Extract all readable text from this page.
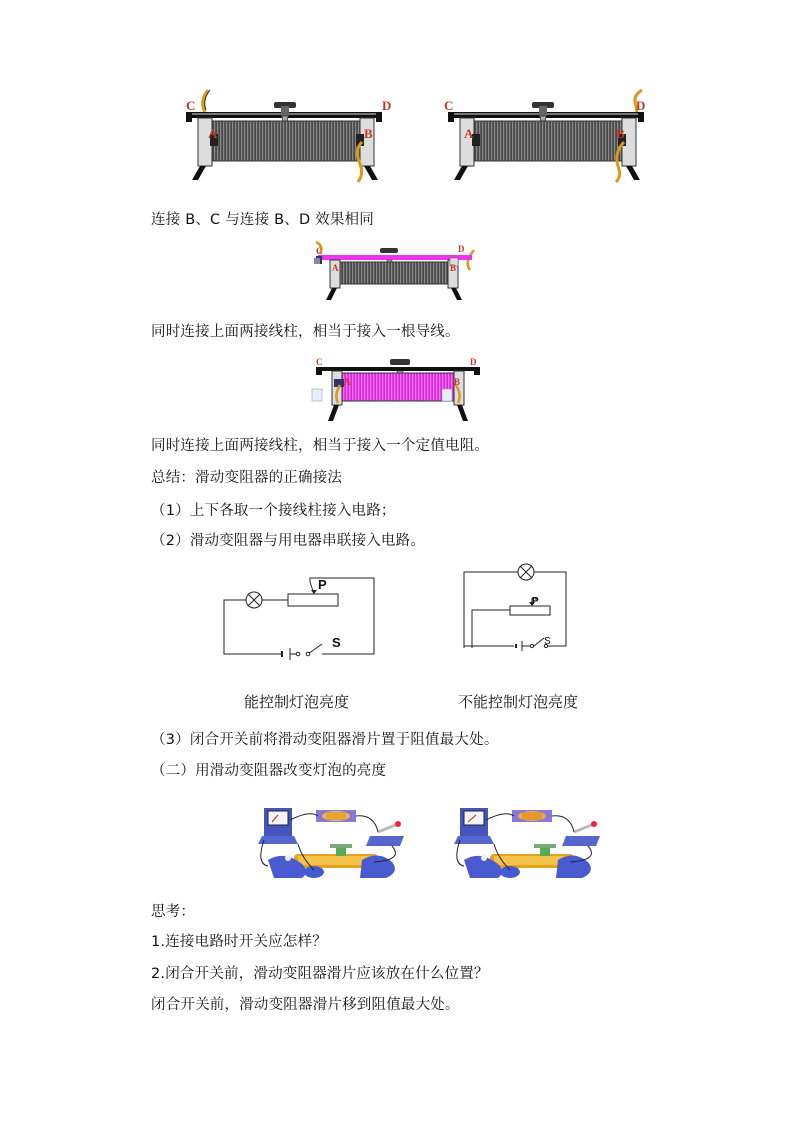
C	D
A	B
C	D
A	B
连接 B、C 与连接 B、D 效果相同
C	D
A	B
同时连接上面两接线柱，相当于接入一根导线。
C	D
A	B
同时连接上面两接线柱，相当于接入一个定值电阻。
总结：滑动变阻器的正确接法
（1）上下各取一个接线柱接入电路；
（2）滑动变阻器与用电器串联接入电路。
P
S
P
S
能控制灯泡亮度	不能控制灯泡亮度
（3）闭合开关前将滑动变阻器滑片置于阻值最大处。
（二）用滑动变阻器改变灯泡的亮度
思考：
1.连接电路时开关应怎样？
2.闭合开关前，滑动变阻器滑片应该放在什么位置？
闭合开关前，滑动变阻器滑片移到阻值最大处。
